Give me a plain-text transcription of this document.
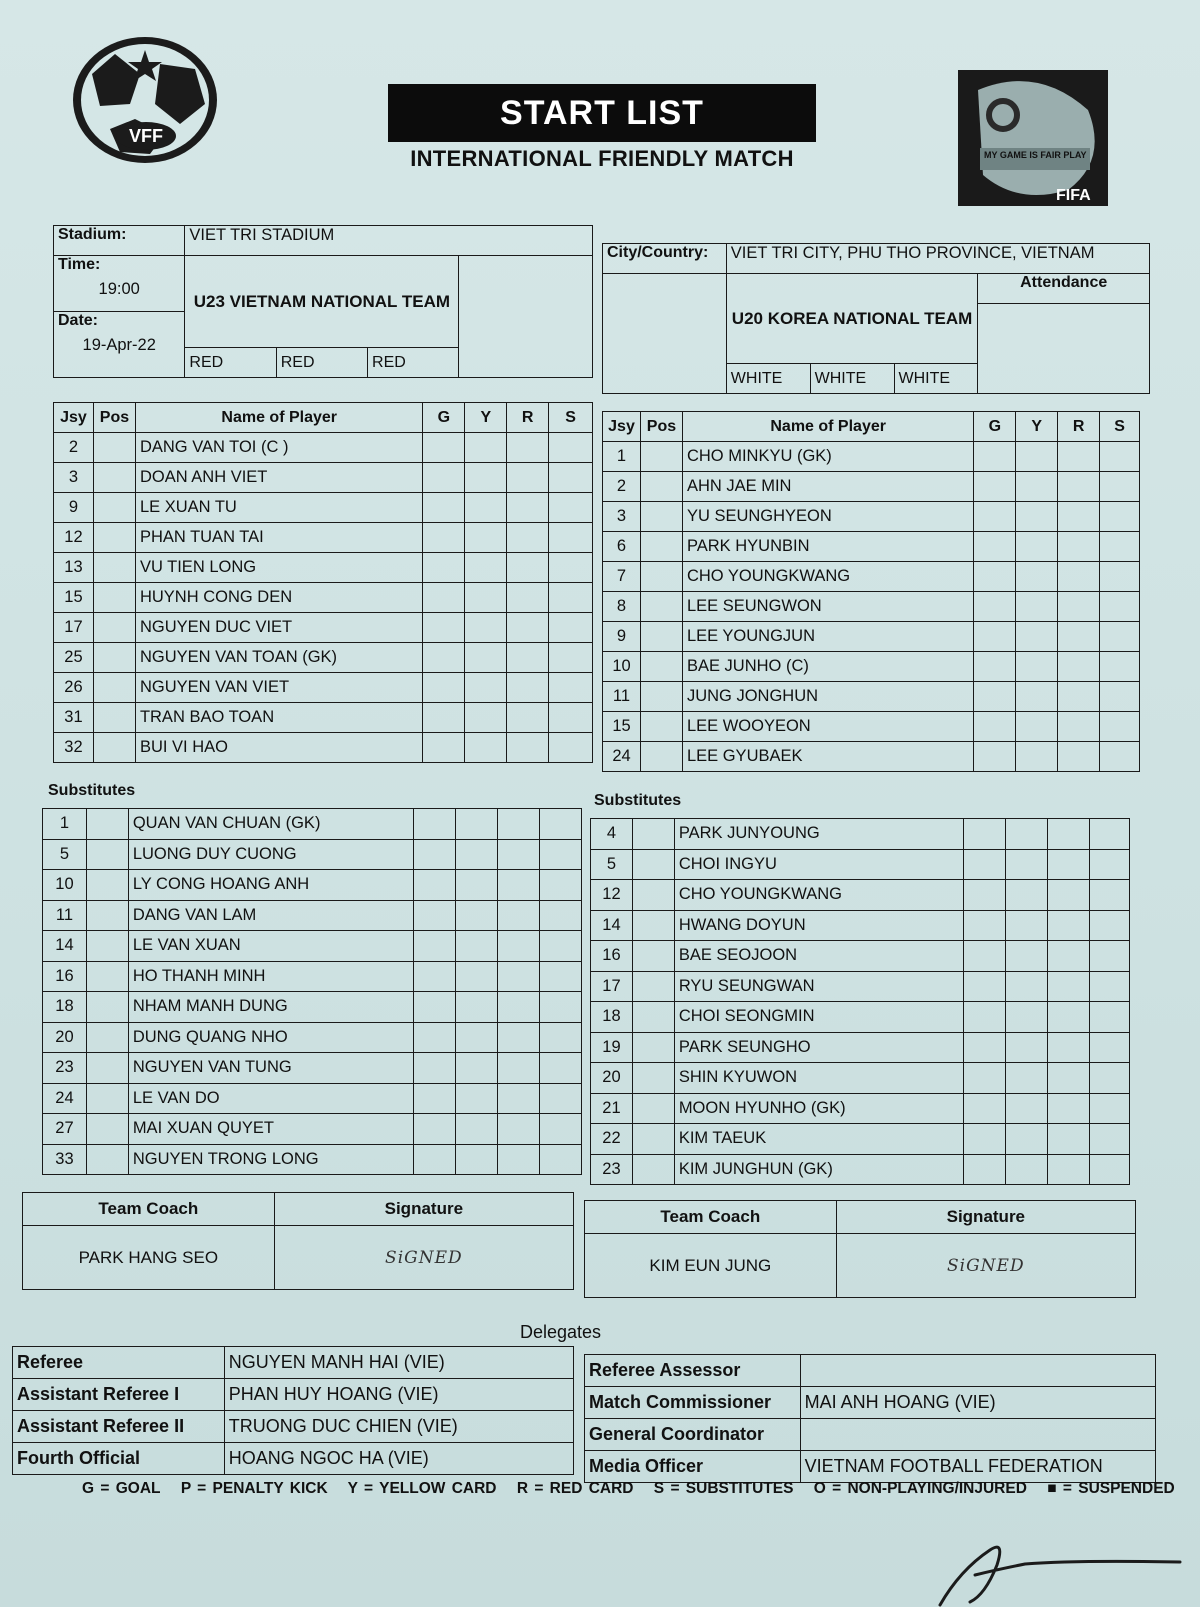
VFF
START LIST
INTERNATIONAL FRIENDLY MATCH	MY GAME IS FAIR PLAY
FIFA
Stadium:	VIET TRI STADIUM			

Time:
19:00	U23 VIETNAM NATIONAL TEAM			

Date:
19-Apr-22				

	RED	RED	RED	
City/Country:	VIET TRI CITY, PHU THO PROVINCE, VIETNAM			
	U20 KOREA NATIONAL TEAM			Attendance

	WHITE	WHITE	WHITE	
Jsy	Pos	Name of Player	G	Y	R	S
2		DANG VAN TOI (C )				
3		DOAN ANH VIET				
9		LE XUAN TU				
12		PHAN TUAN TAI				
13		VU TIEN LONG				
15		HUYNH CONG DEN				
17		NGUYEN DUC VIET				
25		NGUYEN VAN TOAN (GK)				
26		NGUYEN VAN VIET				
31		TRAN BAO TOAN				
32		BUI VI HAO				
Jsy	Pos	Name of Player	G	Y	R	S
1		CHO MINKYU (GK)				
2		AHN JAE MIN				
3		YU SEUNGHYEON				
6		PARK HYUNBIN				
7		CHO YOUNGKWANG				
8		LEE SEUNGWON				
9		LEE YOUNGJUN				
10		BAE JUNHO (C)				
11		JUNG JONGHUN				
15		LEE WOOYEON				
24		LEE GYUBAEK				
Substitutes
Substitutes
1		QUAN VAN CHUAN (GK)				
5		LUONG DUY CUONG				
10		LY CONG HOANG ANH				
11		DANG VAN LAM				
14		LE VAN XUAN				
16		HO THANH MINH				
18		NHAM MANH DUNG				
20		DUNG QUANG NHO				
23		NGUYEN VAN TUNG				
24		LE VAN DO				
27		MAI XUAN QUYET				
33		NGUYEN TRONG LONG				
4		PARK JUNYOUNG				
5		CHOI INGYU				
12		CHO YOUNGKWANG				
14		HWANG DOYUN				
16		BAE SEOJOON				
17		RYU SEUNGWAN				
18		CHOI SEONGMIN				
19		PARK SEUNGHO				
20		SHIN KYUWON				
21		MOON HYUNHO (GK)				
22		KIM TAEUK				
23		KIM JUNGHUN (GK)				
Team Coach	Signature
PARK HANG SEO	SiGNED
Team Coach	Signature
KIM EUN JUNG	SiGNED
Delegates
Referee	NGUYEN MANH HAI (VIE)
Assistant Referee I	PHAN HUY HOANG (VIE)
Assistant Referee II	TRUONG DUC CHIEN (VIE)
Fourth Official	HOANG NGOC HA (VIE)
Referee Assessor	
Match Commissioner	MAI ANH HOANG (VIE)
General Coordinator	
Media Officer	VIETNAM FOOTBALL FEDERATION
G = GOAL P = PENALTY KICK Y = YELLOW CARD R = RED CARD S = SUBSTITUTES O = NON-PLAYING/INJURED ■ = SUSPENDED
